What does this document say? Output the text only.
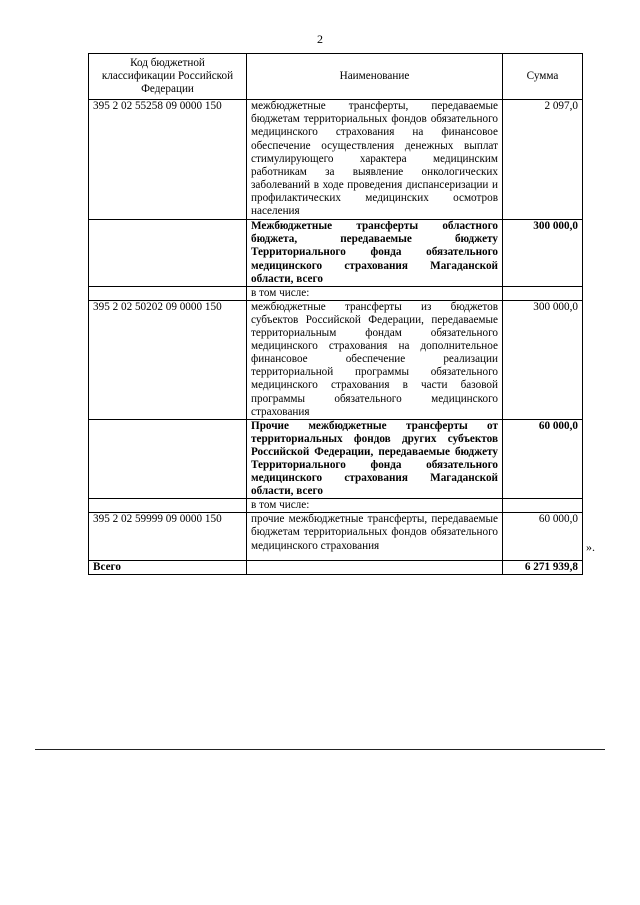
2
Код бюджетной классификации Российской Федерации	Наименование	Сумма
395 2 02 55258 09 0000 150	межбюджетные трансферты, передаваемые бюджетам территориальных фондов обязательного медицинского страхования на финансовое обеспечение осуществления денежных выплат стимулирующего характера медицинским работникам за выявление онкологических заболеваний в ходе проведения диспансеризации и профилактических медицинских осмотров населения	2 097,0
	Межбюджетные трансферты областного бюджета, передаваемые бюджету Территориального фонда обязательного медицинского страхования Магаданской области, всего	300 000,0
	в том числе:	
395 2 02 50202 09 0000 150	межбюджетные трансферты из бюджетов субъектов Российской Федерации, передаваемые территориальным фондам обязательного медицинского страхования на дополнительное финансовое обеспечение реализации территориальной программы обязательного медицинского страхования в части базовой программы обязательного медицинского страхования	300 000,0
	Прочие межбюджетные трансферты от территориальных фондов других субъектов Российской Федерации, передаваемые бюджету Территориального фонда обязательного медицинского страхования Магаданской области, всего	60 000,0
	в том числе:	
395 2 02 59999 09 0000 150	прочие межбюджетные трансферты, передаваемые бюджетам территориальных фондов обязательного медицинского страхования	60 000,0
Всего		6 271 939,8
».
